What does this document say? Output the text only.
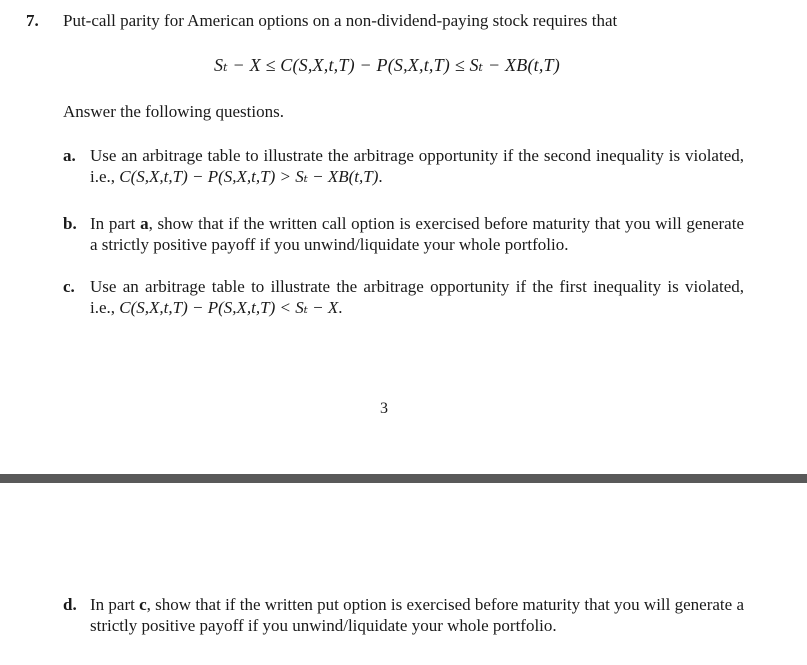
7. Put-call parity for American options on a non-dividend-paying stock requires that
Sₜ − X ≤ C(S,X,t,T) − P(S,X,t,T) ≤ Sₜ − XB(t,T)
Answer the following questions.
a. Use an arbitrage table to illustrate the arbitrage opportunity if the second inequality is violated, i.e., C(S,X,t,T) − P(S,X,t,T) > Sₜ − XB(t,T).
b. In part a, show that if the written call option is exercised before maturity that you will generate a strictly positive payoff if you unwind/liquidate your whole portfolio.
c. Use an arbitrage table to illustrate the arbitrage opportunity if the first inequality is violated, i.e., C(S,X,t,T) − P(S,X,t,T) < Sₜ − X.
3
d. In part c, show that if the written put option is exercised before maturity that you will generate a strictly positive payoff if you unwind/liquidate your whole portfolio.
